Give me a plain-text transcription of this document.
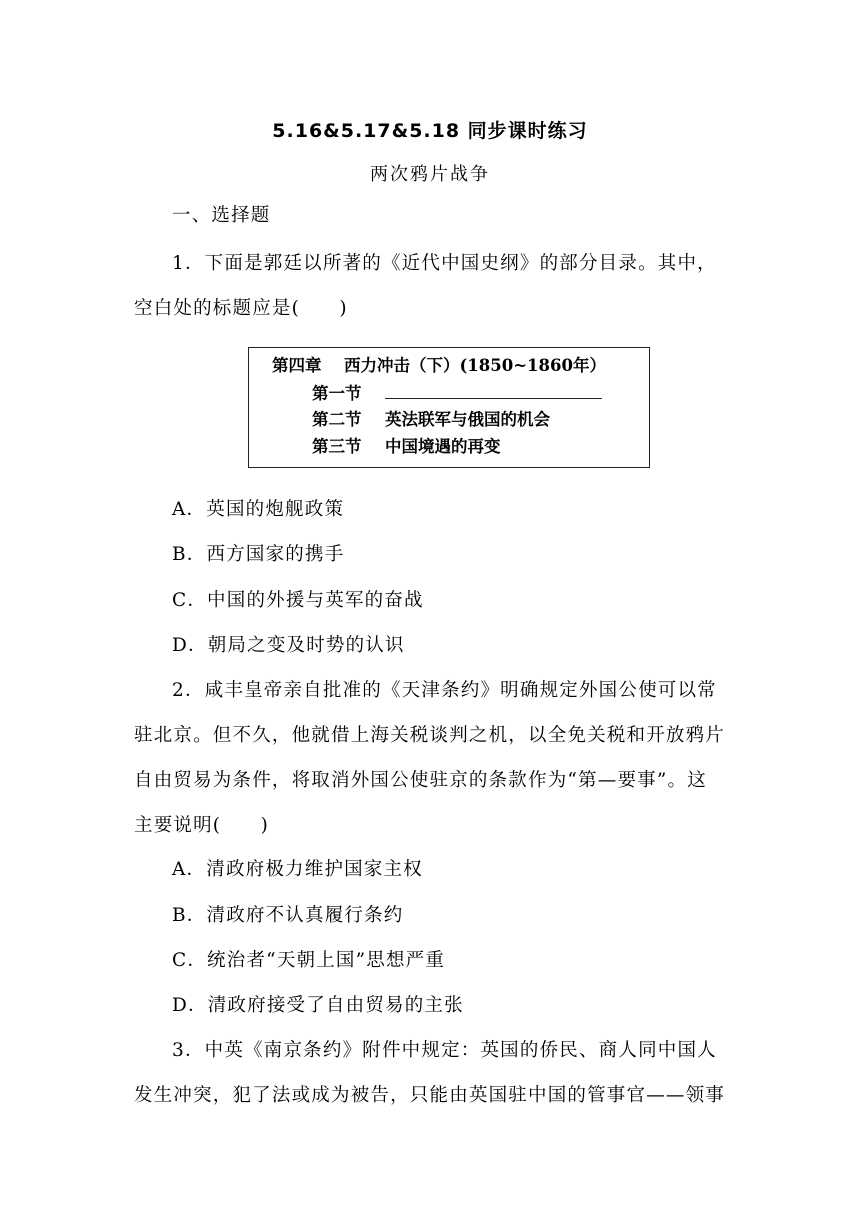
5.16&5.17&5.18 同步课时练习
两次鸦片战争
一、选择题
1．下面是郭廷以所著的《近代中国史纲》的部分目录。其中，
空白处的标题应是(　　)
第四章 西力冲击（下）(1850~1860年）
第一节
第二节 英法联军与俄国的机会
第三节 中国境遇的再变
A．英国的炮舰政策
B．西方国家的携手
C．中国的外援与英军的奋战
D．朝局之变及时势的认识
2．咸丰皇帝亲自批准的《天津条约》明确规定外国公使可以常
驻北京。但不久，他就借上海关税谈判之机，以全免关税和开放鸦片
自由贸易为条件，将取消外国公使驻京的条款作为“第—要事”。这
主要说明(　　)
A．清政府极力维护国家主权
B．清政府不认真履行条约
C．统治者“天朝上国”思想严重
D．清政府接受了自由贸易的主张
3．中英《南京条约》附件中规定：英国的侨民、商人同中国人
发生冲突，犯了法或成为被告，只能由英国驻中国的管事官——领事
